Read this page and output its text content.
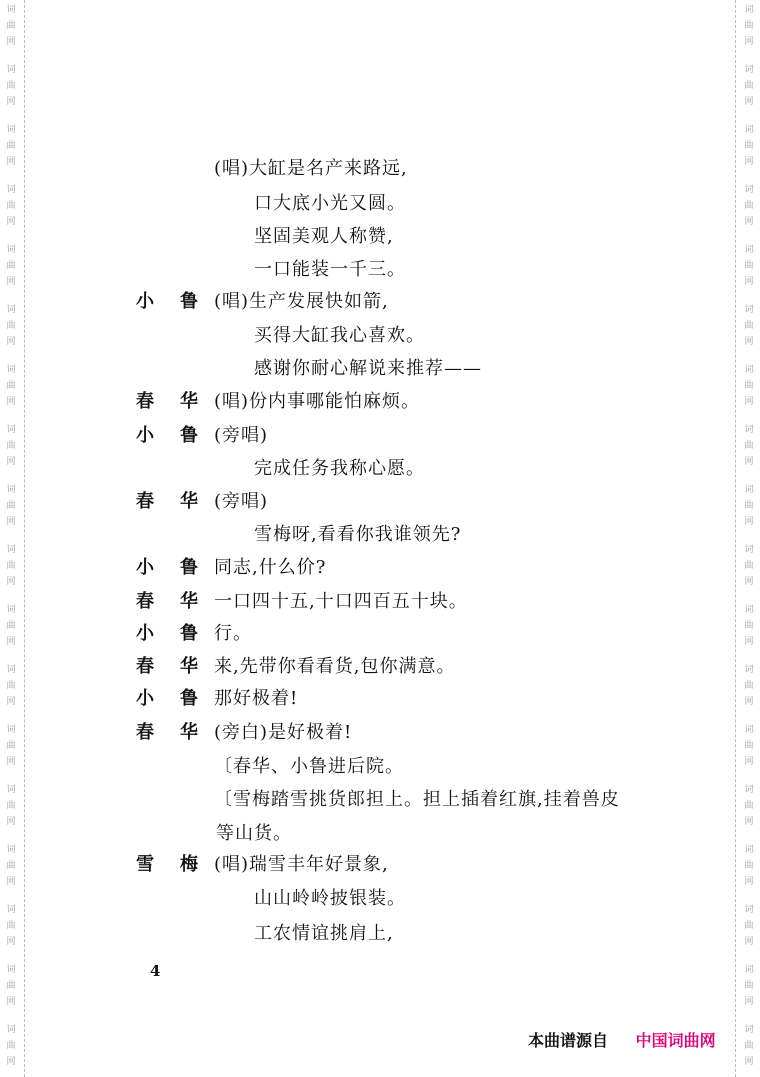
词
曲
网
词
曲
网
词
曲
网
词
曲
网
词
曲
网
词
曲
网
词
曲
网
词
曲
网
词
曲
网
词
曲
网
词
曲
网
词
曲
网
词
曲
网
词
曲
网
词
曲
网
词
曲
网
词
曲
网
词
曲
网
词
曲
网
词
曲
网
词
曲
网
词
曲
网
词
曲
网
词
曲
网
词
曲
网
词
曲
网
词
曲
网
词
曲
网
词
曲
网
词
曲
网
词
曲
网
词
曲
网
词
曲
网
词
曲
网
词
曲
网
词
曲
网
(唱)大缸是名产来路远,
口大底小光又圆。
坚固美观人称赞,
一口能装一千三。
小 鲁 (唱)生产发展快如箭,
买得大缸我心喜欢。
感谢你耐心解说来推荐——
春 华 (唱)份内事哪能怕麻烦。
小 鲁 (旁唱)
完成任务我称心愿。
春 华 (旁唱)
雪梅呀,看看你我谁领先?
小 鲁 同志,什么价?
春 华 一口四十五,十口四百五十块。
小 鲁 行。
春 华 来,先带你看看货,包你满意。
小 鲁 那好极着!
春 华 (旁白)是好极着!
〔春华、小鲁进后院。
〔雪梅踏雪挑货郎担上。担上插着红旗,挂着兽皮
等山货。
雪 梅 (唱)瑞雪丰年好景象,
山山岭岭披银装。
工农情谊挑肩上,
4
本曲谱源自 中国词曲网
